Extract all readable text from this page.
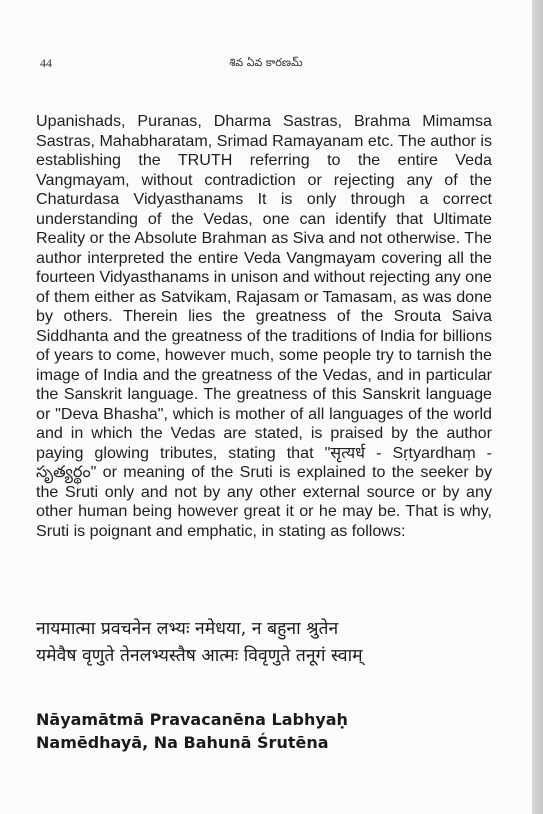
44	శివ ఏవ కారణమ్

Upanishads, Puranas, Dharma Sastras, Brahma Mimamsa Sastras, Mahabharatam, Srimad Ramayanam etc. The author is establishing the TRUTH referring to the entire Veda Vangmayam, without contradiction or rejecting any of the Chaturdasa Vidyasthanams It is only through a correct understanding of the Vedas, one can identify that Ultimate Reality or the Absolute Brahman as Siva and not otherwise. The author interpreted the entire Veda Vangmayam covering all the fourteen Vidyasthanams in unison and without rejecting any one of them either as Satvikam, Rajasam or Tamasam, as was done by others. Therein lies the greatness of the Srouta Saiva Siddhanta and the greatness of the traditions of India for billions of years to come, however much, some people try to tarnish the image of India and the greatness of the Vedas, and in particular the Sanskrit language. The greatness of this Sanskrit language or "Deva Bhasha", which is mother of all languages of the world and in which the Vedas are stated, is praised by the author paying glowing tributes, stating that "सृत्यर्ध - Sṛtyardhaṃ - సృత్యర్థం" or meaning of the Sruti is explained to the seeker by the Sruti only and not by any other external source or by any other human being however great it or he may be. That is why, Sruti is poignant and emphatic, in stating as follows:

नायमात्मा प्रवचनेन लभ्यः नमेधया, न बहुना श्रुतेन
यमेवैष वृणुते तेनलभ्यस्तैष आत्मः विवृणुते तनूगं स्वाम्
Nāyamātmā Pravacanēna Labhyaḥ
Namēdhayā, Na Bahunā Śrutēna
